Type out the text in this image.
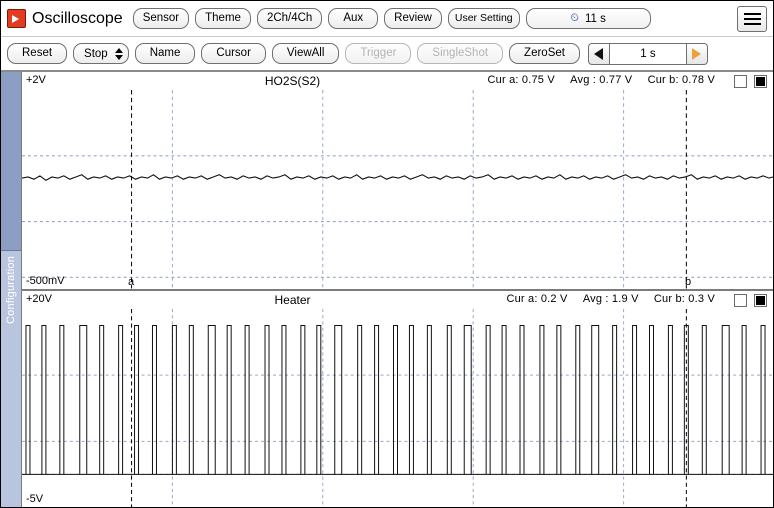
Oscilloscope	Sensor	Theme	2Ch/4Ch	Aux	Review	User Setting	⏲ 11 s
Reset	Stop	Name	Cursor	ViewAll	Trigger	SingleShot	ZeroSet	1 s
Configuration
+2V	HO2S(S2)	Cur a: 0.75 V Avg : 0.77 V Cur b: 0.78 V
a	b
-500mV
+20V	Heater	Cur a: 0.2 V Avg : 1.9 V Cur b: 0.3 V
-5V
